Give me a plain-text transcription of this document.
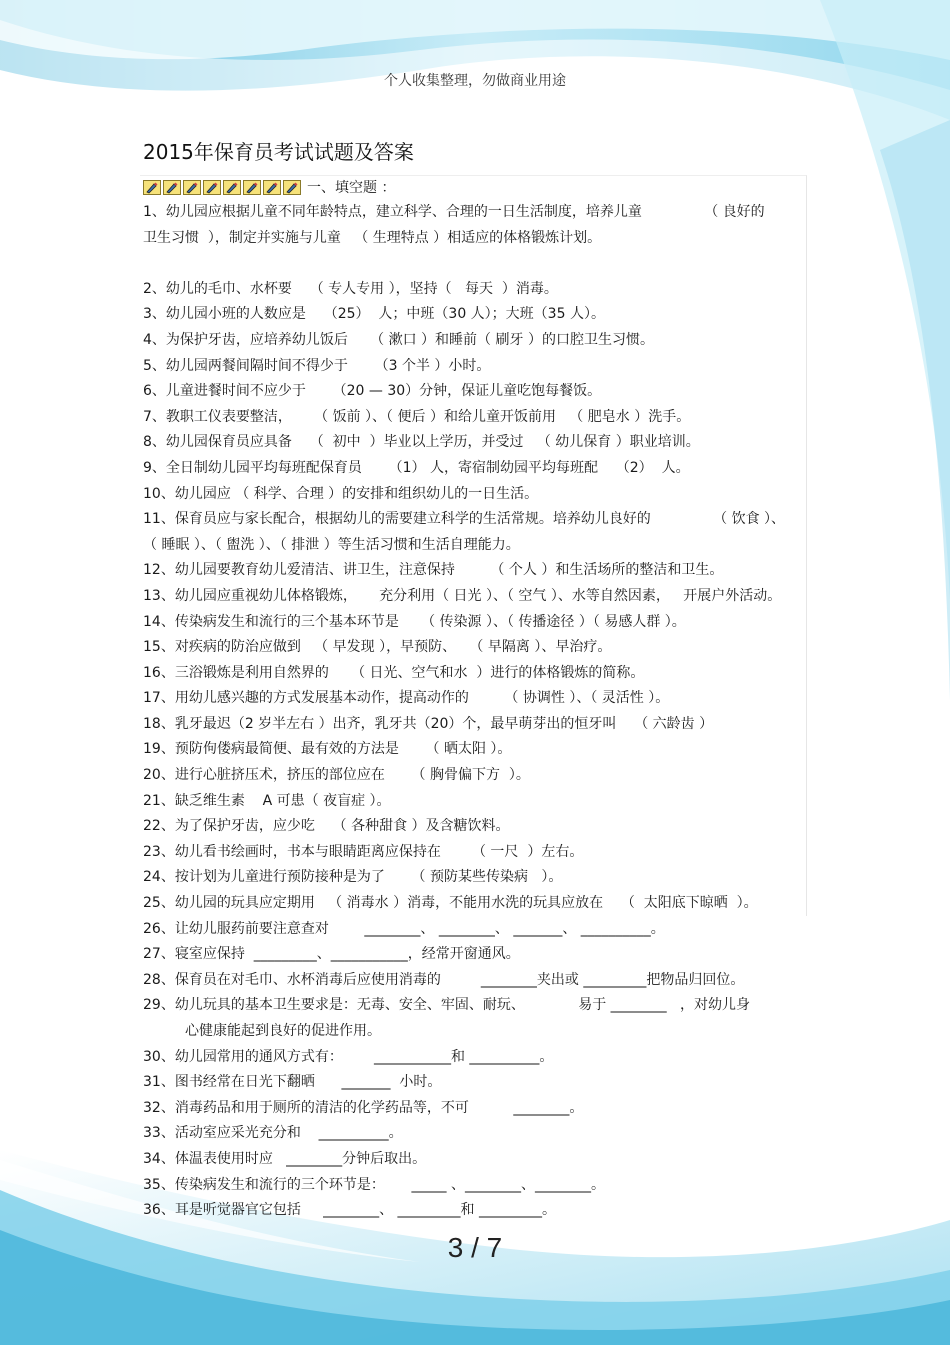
个人收集整理，勿做商业用途
2015年保育员考试试题及答案
一、填空题 ：
1、幼儿园应根据儿童不同年龄特点，建立科学、合理的一日生活制度，培养儿童              （ 良好的
卫生习惯  ），制定并实施与儿童   （ 生理特点 ）相适应的体格锻炼计划。
2、幼儿的毛巾、水杯要    （ 专人专用 ），坚持（   每天  ）消毒。
3、幼儿园小班的人数应是    （25）  人；中班（30 人）；大班（35 人）。
4、为保护牙齿，应培养幼儿饭后     （ 漱口 ）和睡前（ 刷牙 ）的口腔卫生习惯。
5、幼儿园两餐间隔时间不得少于      （3 个半 ）小时。
6、儿童进餐时间不应少于      （20 — 30）分钟，保证儿童吃饱每餐饭。
7、教职工仪表要整洁，     （ 饭前 ）、（ 便后 ）和给儿童开饭前用   （ 肥皂水 ）洗手。
8、幼儿园保育员应具备    （  初中  ）毕业以上学历，并受过   （ 幼儿保育 ）职业培训。
9、全日制幼儿园平均每班配保育员      （1） 人，寄宿制幼园平均每班配    （2）  人。
10、幼儿园应 （ 科学、合理 ）的安排和组织幼儿的一日生活。
11、保育员应与家长配合，根据幼儿的需要建立科学的生活常规。培养幼儿良好的              （ 饮食 ）、
（ 睡眠 ）、（ 盥洗 ）、（ 排泄 ）等生活习惯和生活自理能力。
12、幼儿园要教育幼儿爱清洁、讲卫生，注意保持        （ 个人 ）和生活场所的整洁和卫生。
13、幼儿园应重视幼儿体格锻炼，     充分利用（ 日光 ）、（ 空气 ）、水等自然因素，   开展户外活动。
14、传染病发生和流行的三个基本环节是     （ 传染源 ）、（ 传播途径 ）（ 易感人群 ）。
15、对疾病的防治应做到   （ 早发现 ），早预防、   （ 早隔离 ）、早治疗。
16、三浴锻炼是利用自然界的     （ 日光、空气和水  ）进行的体格锻炼的简称。
17、用幼儿感兴趣的方式发展基本动作，提高动作的        （ 协调性 ）、（ 灵活性 ）。
18、乳牙最迟（2 岁半左右 ）出齐，乳牙共（20）个，最早萌芽出的恒牙叫    （ 六龄齿 ）
19、预防佝偻病最简便、最有效的方法是      （ 晒太阳 ）。
20、进行心脏挤压术，挤压的部位应在      （ 胸骨偏下方  ）。
21、缺乏维生素    A 可患（ 夜盲症 ）。
22、为了保护牙齿，应少吃    （ 各种甜食 ）及含糖饮料。
23、幼儿看书绘画时，书本与眼睛距离应保持在       （ 一尺  ）左右。
24、按计划为儿童进行预防接种是为了      （ 预防某些传染病   ）。
25、幼儿园的玩具应定期用   （ 消毒水 ）消毒，不能用水洗的玩具应放在    （  太阳底下晾晒  ）。
26、让幼儿服药前要注意查对        ________、 ________、 _______、 __________。
27、寝室应保持  _________、___________，经常开窗通风。
28、保育员在对毛巾、水杯消毒后应使用消毒的         ________夹出或 _________把物品归回位。
29、幼儿玩具的基本卫生要求是：无毒、安全、牢固、耐玩、            易于 ________   ，对幼儿身
心健康能起到良好的促进作用。
30、幼儿园常用的通风方式有：       ___________和 __________。
31、图书经常在日光下翻晒      _______  小时。
32、消毒药品和用于厕所的清洁的化学药品等，不可          ________。
33、活动室应采光充分和    __________。
34、体温表使用时应   ________分钟后取出。
35、传染病发生和流行的三个环节是：      _____ 、________、________。
36、耳是听觉器官它包括     ________、 _________和 _________。
3 / 7
